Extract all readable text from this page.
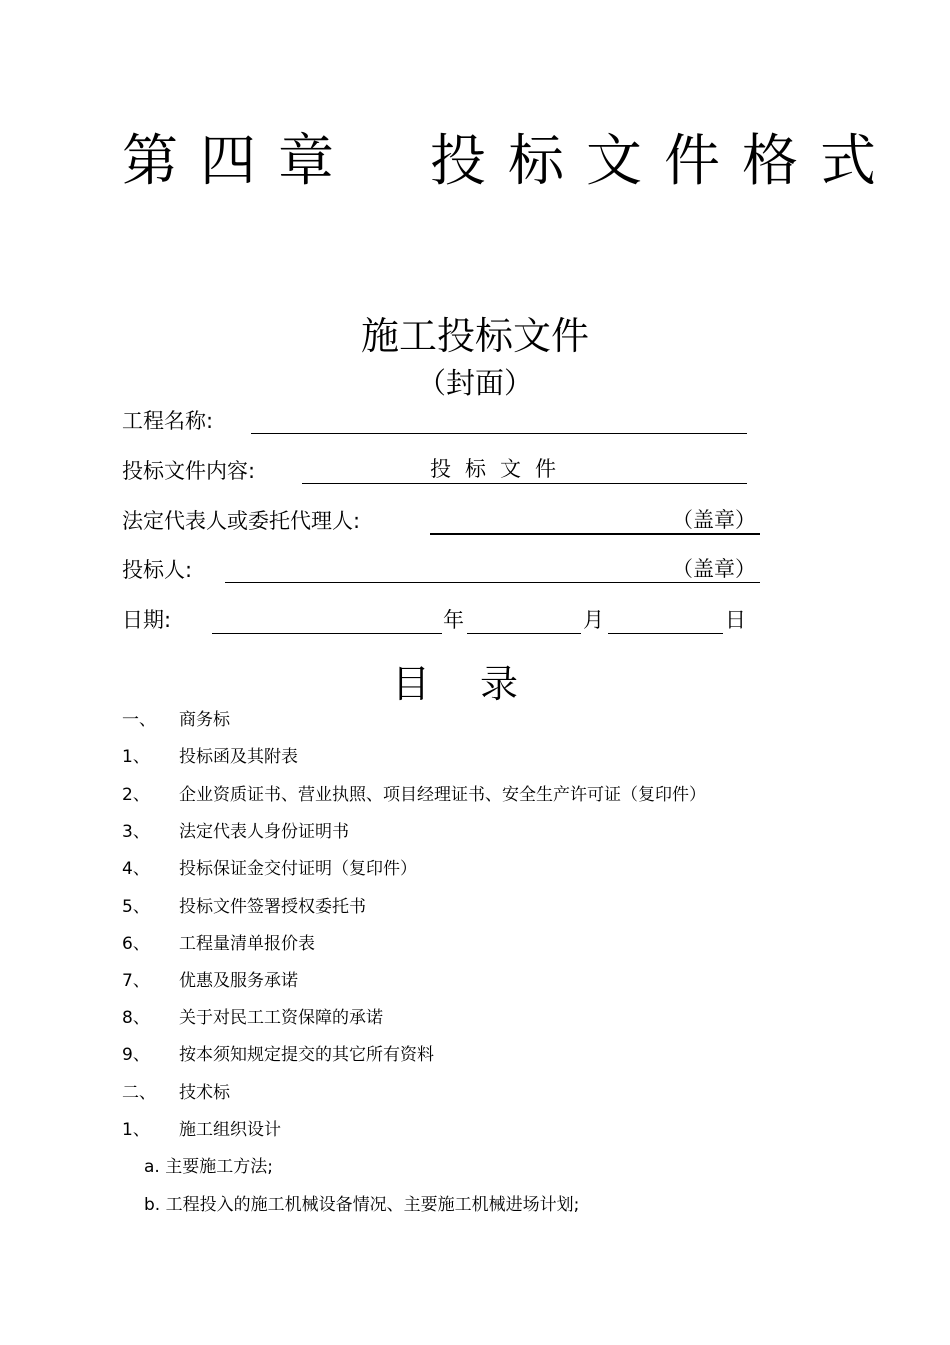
第四章 投标文件格式
施工投标文件
（封面）
工程名称:
投标文件内容:	投标文件
法定代表人或委托代理人:	（盖章）
投标人:	（盖章）
日期:	年	月	日
目录
一、 商务标
1、 投标函及其附表
2、 企业资质证书、营业执照、项目经理证书、安全生产许可证（复印件）
3、 法定代表人身份证明书
4、 投标保证金交付证明（复印件）
5、 投标文件签署授权委托书
6、 工程量清单报价表
7、 优惠及服务承诺
8、 关于对民工工资保障的承诺
9、 按本须知规定提交的其它所有资料
二、 技术标
1、 施工组织设计
a. 主要施工方法;
b. 工程投入的施工机械设备情况、主要施工机械进场计划;
